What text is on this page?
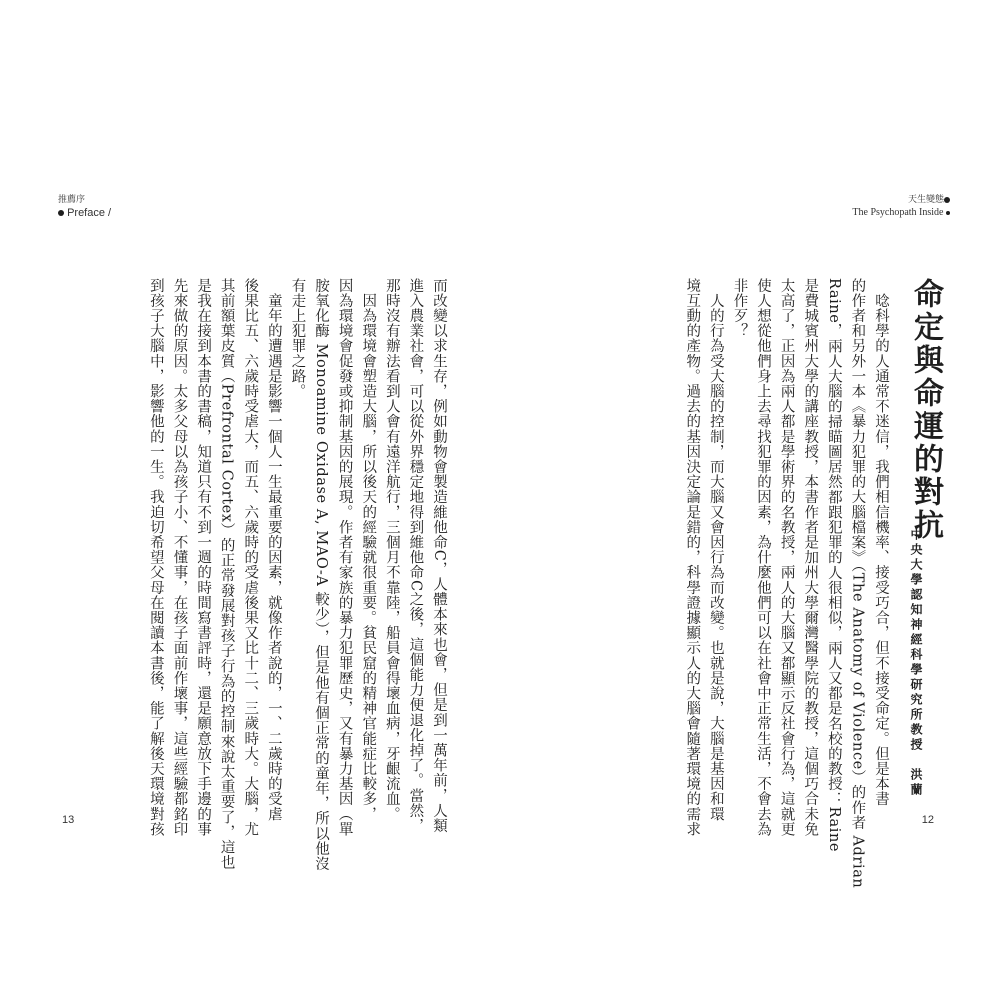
推薦序
Preface /

而改變以求生存，例如動物會製造維他命C，人體本來也會，但是到一萬年前，人類

進入農業社會，可以從外界穩定地得到維他命C之後，這個能力便退化掉了。當然，

那時沒有辦法看到人會有遠洋航行，三個月不靠陸，船員會得壞血病，牙齦流血。

　因為環境會塑造大腦，所以後天的經驗就很重要。貧民窟的精神官能症比較多，

因為環境會促發或抑制基因的展現。作者有家族的暴力犯罪歷史，又有暴力基因（單

胺氧化酶 Monoamine Oxidase A, MAO-A 較少），但是他有個正常的童年，所以他沒

有走上犯罪之路。

　童年的遭遇是影響一個人一生最重要的因素，就像作者說的，一、二歲時的受虐

後果比五、六歲時受虐大，而五、六歲時的受虐後果又比十二、三歲時大。大腦，尤

其前額葉皮質（Prefrontal Cortex）的正常發展對孩子行為的控制來說太重要了，這也

是我在接到本書的書稿，知道只有不到一週的時間寫書評時，還是願意放下手邊的事

先來做的原因。太多父母以為孩子小、不懂事，在孩子面前作壞事，這些經驗都銘印

到孩子大腦中，影響他的一生。我迫切希望父母在閱讀本書後，能了解後天環境對孩

13
天生變態
The Psychopath Inside
命定與命運的對抗
中央大學認知神經科學研究所教授　洪蘭

　唸科學的人通常不迷信，我們相信機率、接受巧合，但不接受命定。但是本書

的作者和另外一本《暴力犯罪的大腦檔案》（The Anatomy of Violence）的作者 Adrian

Raine，兩人大腦的掃瞄圖居然都跟犯罪的人很相似，兩人又都是名校的教授：Raine

是費城賓州大學的講座教授，本書作者是加州大學爾灣醫學院的教授，這個巧合未免

太高了，正因為兩人都是學術界的名教授，兩人的大腦又都顯示反社會行為，這就更

使人想從他們身上去尋找犯罪的因素，為什麼他們可以在社會中正常生活，不會去為

非作歹？

　人的行為受大腦的控制，而大腦又會因行為而改變。也就是說，大腦是基因和環

境互動的產物。過去的基因決定論是錯的，科學證據顯示人的大腦會隨著環境的需求	12
